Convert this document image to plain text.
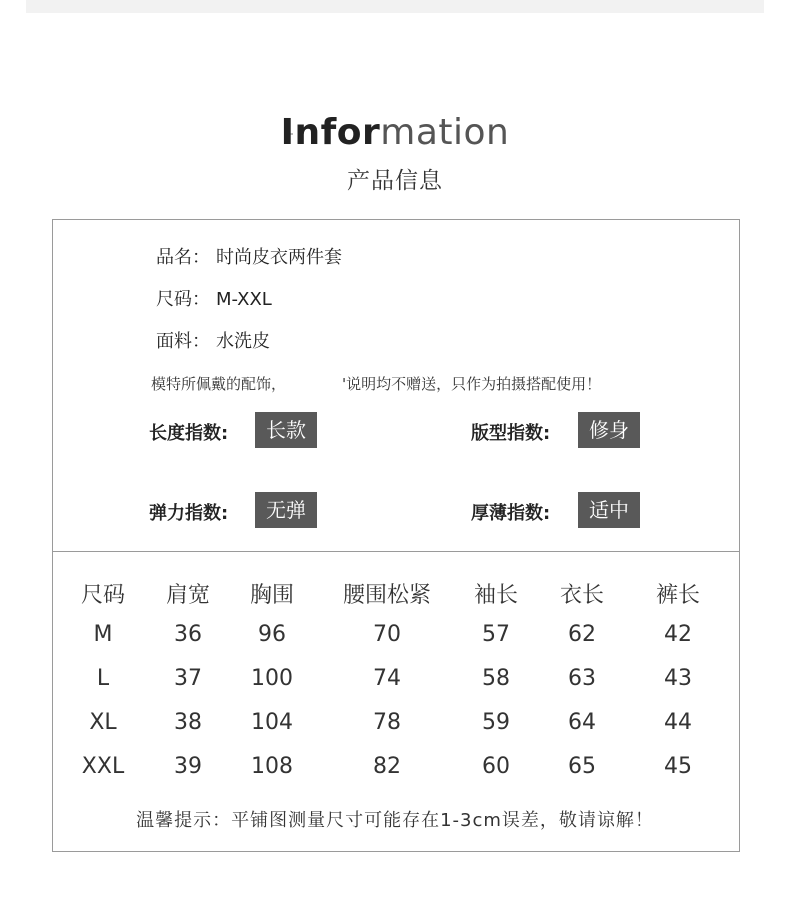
Information
产品信息
品名： 时尚皮衣两件套
尺码： M-XXL
面料： 水洗皮
模特所佩戴的配饰，	'说明均不赠送，只作为拍摄搭配使用！
长度指数:	长款	版型指数:	修身
弹力指数:	无弹	厚薄指数:	适中
尺码	肩宽	胸围	腰围松紧	袖长	衣长	裤长
M	36	96	70	57	62	42
L	37	100	74	58	63	43
XL	38	104	78	59	64	44
XXL	39	108	82	60	65	45
温馨提示：平铺图测量尺寸可能存在1-3cm误差，敬请谅解！
